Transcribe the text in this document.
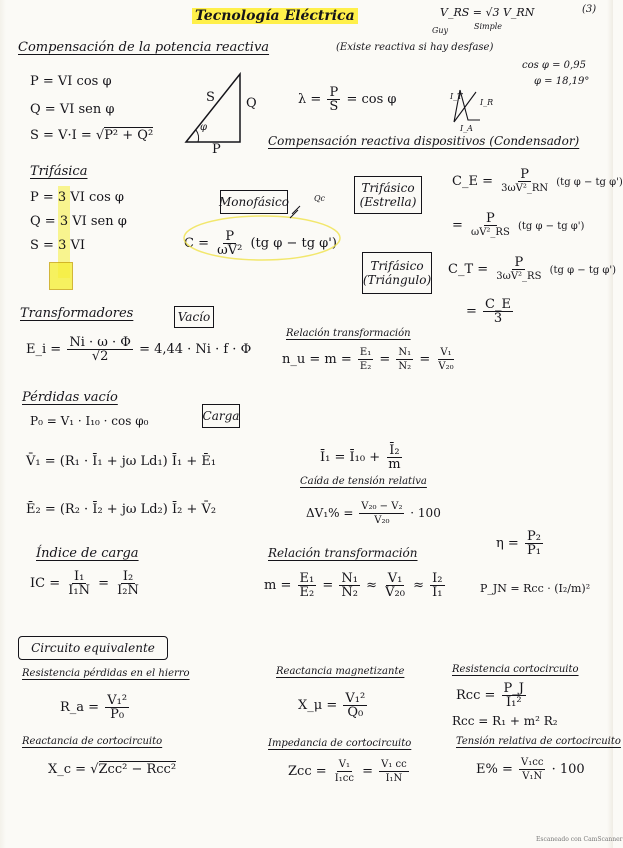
Tecnología Eléctrica	V_RS = √3 V_RN
Guy	Simple
(3)
Compensación de la potencia reactiva	(Existe reactiva si hay desfase)
cos φ = 0,95
φ = 18,19°
P = VI cos φ
Q = VI sen φ
S = V·I = √P² + Q²
S Q
P
φ
$\lambda = \frac{P}{S} = \cos \varphi$	I_T
I_R
I_A
Trifásica
P = 3 VI cos φ
Q = 3 VI sen φ
S = 3 VI
Compensación reactiva dispositivos (Condensador)
Monofásico	Qc
Trifásico
(Estrella)
Trifásico
(Triángulo)
$C = \frac{P}{\text{ωV²}} (tg$ φ − tg φ')
C_E = $\frac{P}{\text{3ωV²\_RN}} (tg$ φ − tg φ')
= $\frac{P}{\text{ωV²\_RS}} (tg$ φ − tg φ')
C_T = $\frac{P}{\text{3ωV²\_RS}} (tg$ φ − tg φ')
= $\frac{C\_E}{3}$
Transformadores	Vacío
E_i = $\frac{Ni \cdot \omega \cdot \Phi}{√2} = 4,44 \cdot Ni \cdot f \cdot \Phi$
Relación transformación
n_u = $m = \frac{\text{E₁}}{\text{E₂}} = \frac{\text{N₁}}{\text{N₂}} = \frac{\text{V₁}}{\text{V₂₀}}$
Pérdidas vacío
P₀ = V₁ · I₁₀ · cos φ₀	Carga
V̄₁ = (R₁ · Ī₁ + jω Ld₁) Ī₁ + Ē₁
Ē₂ = (R₂ · Ī₂ + jω Ld₂) Ī₂ + V̄₂
Ī₁ = Ī₁₀ + $\frac{\text{Ī₂}}{m}$
Caída de tensión relativa
$\Delta V_1\% = \frac{\text{V₂₀ − V₂}}{\text{V₂₀}} \cdot 100$
Índice de carga
IC = $\frac{\text{I₁}}{\text{I₁N}} = \frac{\text{I₂}}{\text{I₂N}}$
Relación transformación
$m = \frac{\text{E₁}}{\text{E₂}} = \frac{\text{N₁}}{\text{N₂}} \approx \frac{\text{V₁}}{\text{V₂₀}} \approx \frac{\text{I₂}}{\text{I₁}}$
$\eta = \frac{\text{P₂}}{\text{P₁}}$
P_JN = Rcc · (I₂/m)²
Circuito equivalente
Resistencia pérdidas en el hierro
R_a = $\frac{\text{V₁²}}{\text{P₀}}$
Reactancia magnetizante
X_μ = $\frac{\text{V₁²}}{\text{Q₀}}$
Resistencia cortocircuito
Rcc = $\frac{P\_J}{\text{I₁²}}$
Rcc = R₁ + m² R₂
Reactancia de cortocircuito
X_c = √Zcc² − Rcc²
Impedancia de cortocircuito
Zcc = $\frac{\text{V₁}}{\text{I₁cc}} = \frac{\text{V₁ cc}}{\text{I₁N}}$
Tensión relativa de cortocircuito
$E\% = \frac{\text{V₁cc}}{\text{V₁N}} \cdot 100$
Escaneado con CamScanner
